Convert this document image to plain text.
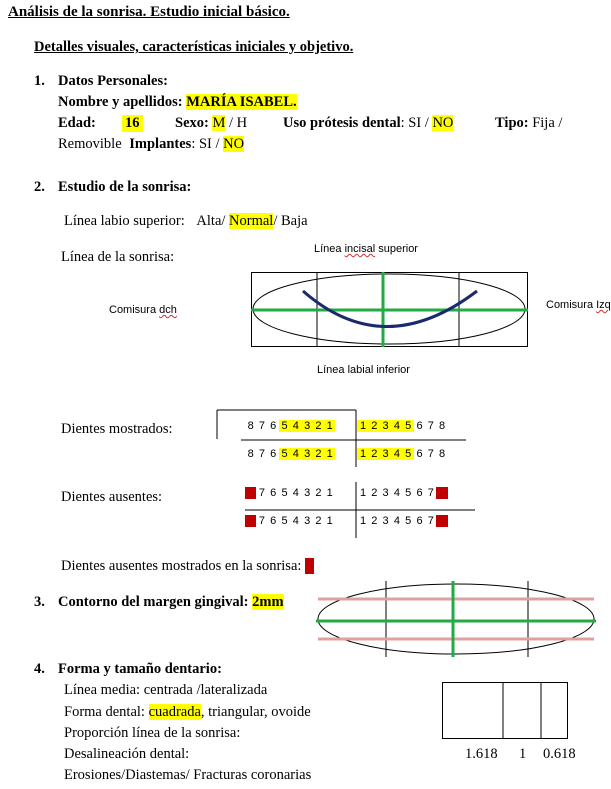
Análisis de la sonrisa. Estudio inicial básico.
Detalles visuales, características iniciales y objetivo.
1. Datos Personales:
Nombre y apellidos: MARÍA ISABEL.
Edad: 16 Sexo: M / H Uso prótesis dental: SI / NO	Tipo: Fija /
Removible Implantes: SI / NO
2. Estudio de la sonrisa:
Línea labio superior: Alta/ Normal/ Baja
Línea de la sonrisa:	Línea incisal superior
Comisura dch	Comisura Izq
Línea labial inferior
Dientes mostrados:	8 7 6 5 4 3 2 1 1 2 3 4 5 6 7 8
8 7 6 5 4 3 2 1 1 2 3 4 5 6 7 8
Dientes ausentes:	8 7 6 5 4 3 2 1 1 2 3 4 5 6 7 8
8 7 6 5 4 3 2 1 1 2 3 4 5 6 7 8
Dientes ausentes mostrados en la sonrisa: 0
3. Contorno del margen gingival: 2mm
4. Forma y tamaño dentario:
Línea media: centrada /lateralizada
Forma dental: cuadrada, triangular, ovoide
Proporción línea de la sonrisa:
Desalineación dental:
Erosiones/Diastemas/ Fracturas coronarias
1.618 1 0.618
